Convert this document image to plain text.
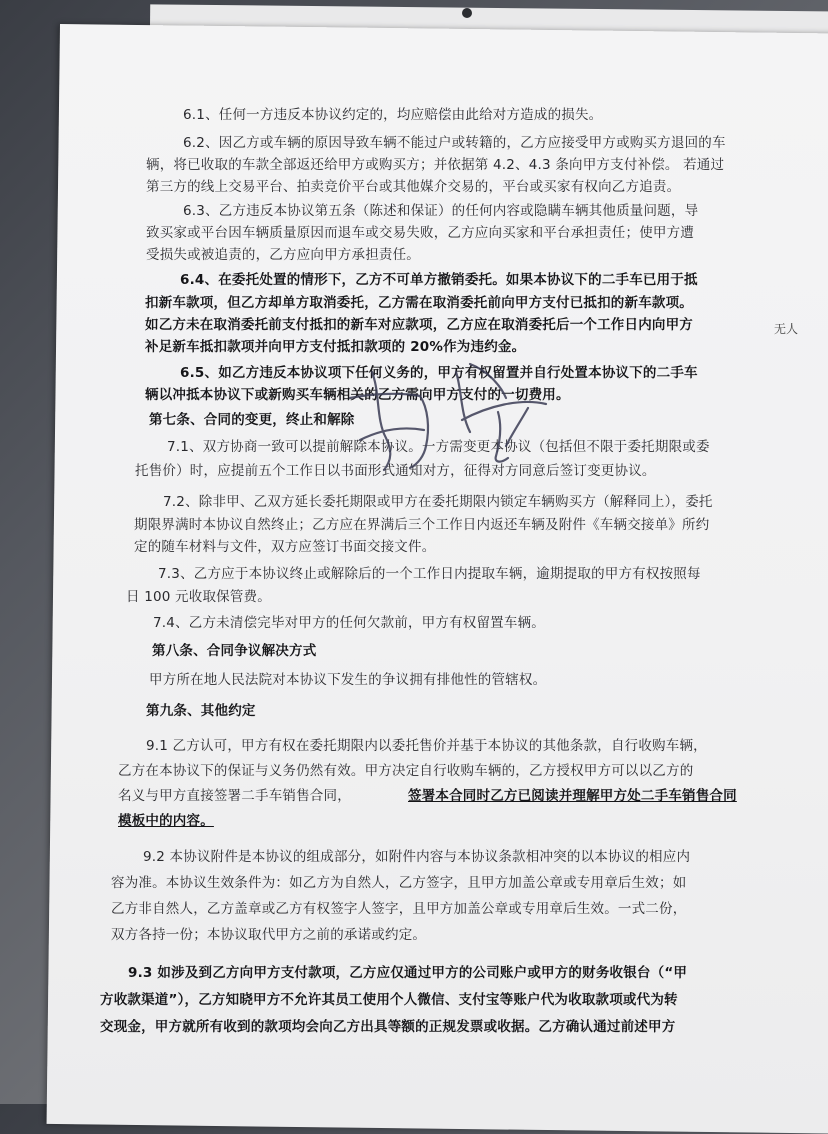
6.1、任何一方违反本协议约定的，均应赔偿由此给对方造成的损失。
6.2、因乙方或车辆的原因导致车辆不能过户或转籍的，乙方应接受甲方或购买方退回的车
辆，将已收取的车款全部返还给甲方或购买方；并依据第 4.2、4.3 条向甲方支付补偿。 若通过
第三方的线上交易平台、拍卖竞价平台或其他媒介交易的，平台或买家有权向乙方追责。
6.3、乙方违反本协议第五条（陈述和保证）的任何内容或隐瞒车辆其他质量问题，导
致买家或平台因车辆质量原因而退车或交易失败，乙方应向买家和平台承担责任；使甲方遭
受损失或被追责的，乙方应向甲方承担责任。
6.4、在委托处置的情形下，乙方不可单方撤销委托。如果本协议下的二手车已用于抵
扣新车款项，但乙方却单方取消委托，乙方需在取消委托前向甲方支付已抵扣的新车款项。
如乙方未在取消委托前支付抵扣的新车对应款项，乙方应在取消委托后一个工作日内向甲方
补足新车抵扣款项并向甲方支付抵扣款项的 20%作为违约金。
6.5、如乙方违反本协议项下任何义务的，甲方有权留置并自行处置本协议下的二手车
辆以冲抵本协议下或新购买车辆相关的乙方需向甲方支付的一切费用。
第七条、合同的变更，终止和解除
7.1、双方协商一致可以提前解除本协议。一方需变更本协议（包括但不限于委托期限或委
托售价）时，应提前五个工作日以书面形式通知对方，征得对方同意后签订变更协议。
7.2、除非甲、乙双方延长委托期限或甲方在委托期限内锁定车辆购买方（解释同上），委托
期限界满时本协议自然终止；乙方应在界满后三个工作日内返还车辆及附件《车辆交接单》所约
定的随车材料与文件，双方应签订书面交接文件。
7.3、乙方应于本协议终止或解除后的一个工作日内提取车辆，逾期提取的甲方有权按照每
日 100 元收取保管费。
7.4、乙方未清偿完毕对甲方的任何欠款前，甲方有权留置车辆。
第八条、合同争议解决方式
甲方所在地人民法院对本协议下发生的争议拥有排他性的管辖权。
第九条、其他约定
9.1 乙方认可，甲方有权在委托期限内以委托售价并基于本协议的其他条款，自行收购车辆，
乙方在本协议下的保证与义务仍然有效。甲方决定自行收购车辆的，乙方授权甲方可以以乙方的
名义与甲方直接签署二手车销售合同，	签署本合同时乙方已阅读并理解甲方处二手车销售合同
模板中的内容。
9.2 本协议附件是本协议的组成部分，如附件内容与本协议条款相冲突的以本协议的相应内
容为准。本协议生效条件为：如乙方为自然人，乙方签字，且甲方加盖公章或专用章后生效；如
乙方非自然人，乙方盖章或乙方有权签字人签字，且甲方加盖公章或专用章后生效。一式二份，
双方各持一份；本协议取代甲方之前的承诺或约定。
9.3 如涉及到乙方向甲方支付款项，乙方应仅通过甲方的公司账户或甲方的财务收银台（“甲
方收款渠道”），乙方知晓甲方不允许其员工使用个人微信、支付宝等账户代为收取款项或代为转
交现金，甲方就所有收到的款项均会向乙方出具等额的正规发票或收据。乙方确认通过前述甲方
无人
